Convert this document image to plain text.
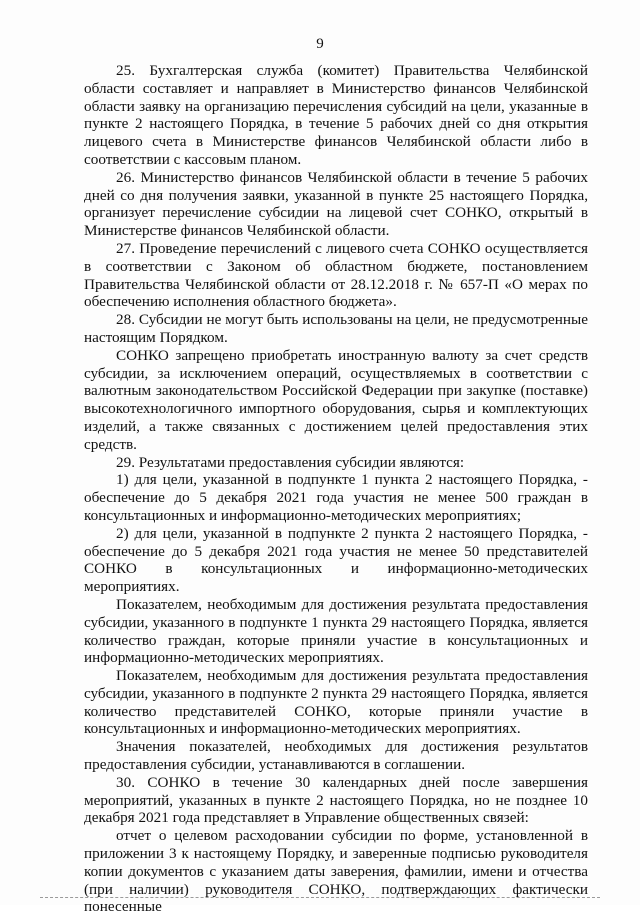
9

25. Бухгалтерская служба (комитет) Правительства Челябинской области составляет и направляет в Министерство финансов Челябинской области заявку на организацию перечисления субсидий на цели, указанные в пункте 2 настоящего Порядка, в течение 5 рабочих дней со дня открытия лицевого счета в Министерстве финансов Челябинской области либо в соответствии с кассовым планом.

26. Министерство финансов Челябинской области в течение 5 рабочих дней со дня получения заявки, указанной в пункте 25 настоящего Порядка, организует перечисление субсидии на лицевой счет СОНКО, открытый в Министерстве финансов Челябинской области.

27. Проведение перечислений с лицевого счета СОНКО осуществляется в соответствии с Законом об областном бюджете, постановлением Правительства Челябинской области от 28.12.2018 г. № 657-П «О мерах по обеспечению исполнения областного бюджета».

28. Субсидии не могут быть использованы на цели, не предусмотренные настоящим Порядком.

СОНКО запрещено приобретать иностранную валюту за счет средств субсидии, за исключением операций, осуществляемых в соответствии с валютным законодательством Российской Федерации при закупке (поставке) высокотехнологичного импортного оборудования, сырья и комплектующих изделий, а также связанных с достижением целей предоставления этих средств.

29. Результатами предоставления субсидии являются:

1) для цели, указанной в подпункте 1 пункта 2 настоящего Порядка, - обеспечение до 5 декабря 2021 года участия не менее 500 граждан в консультационных и информационно-методических мероприятиях;

2) для цели, указанной в подпункте 2 пункта 2 настоящего Порядка, - обеспечение до 5 декабря 2021 года участия не менее 50 представителей СОНКО в консультационных и информационно-методических мероприятиях.

Показателем, необходимым для достижения результата предоставления субсидии, указанного в подпункте 1 пункта 29 настоящего Порядка, является количество граждан, которые приняли участие в консультационных и информационно-методических мероприятиях.

Показателем, необходимым для достижения результата предоставления субсидии, указанного в подпункте 2 пункта 29 настоящего Порядка, является количество представителей СОНКО, которые приняли участие в консультационных и информационно-методических мероприятиях.

Значения показателей, необходимых для достижения результатов предоставления субсидии, устанавливаются в соглашении.

30. СОНКО в течение 30 календарных дней после завершения мероприятий, указанных в пункте 2 настоящего Порядка, но не позднее 10 декабря 2021 года представляет в Управление общественных связей:

отчет о целевом расходовании субсидии по форме, установленной в приложении 3 к настоящему Порядку, и заверенные подписью руководителя копии документов с указанием даты заверения, фамилии, имени и отчества (при наличии) руководителя СОНКО, подтверждающих фактически понесенные
